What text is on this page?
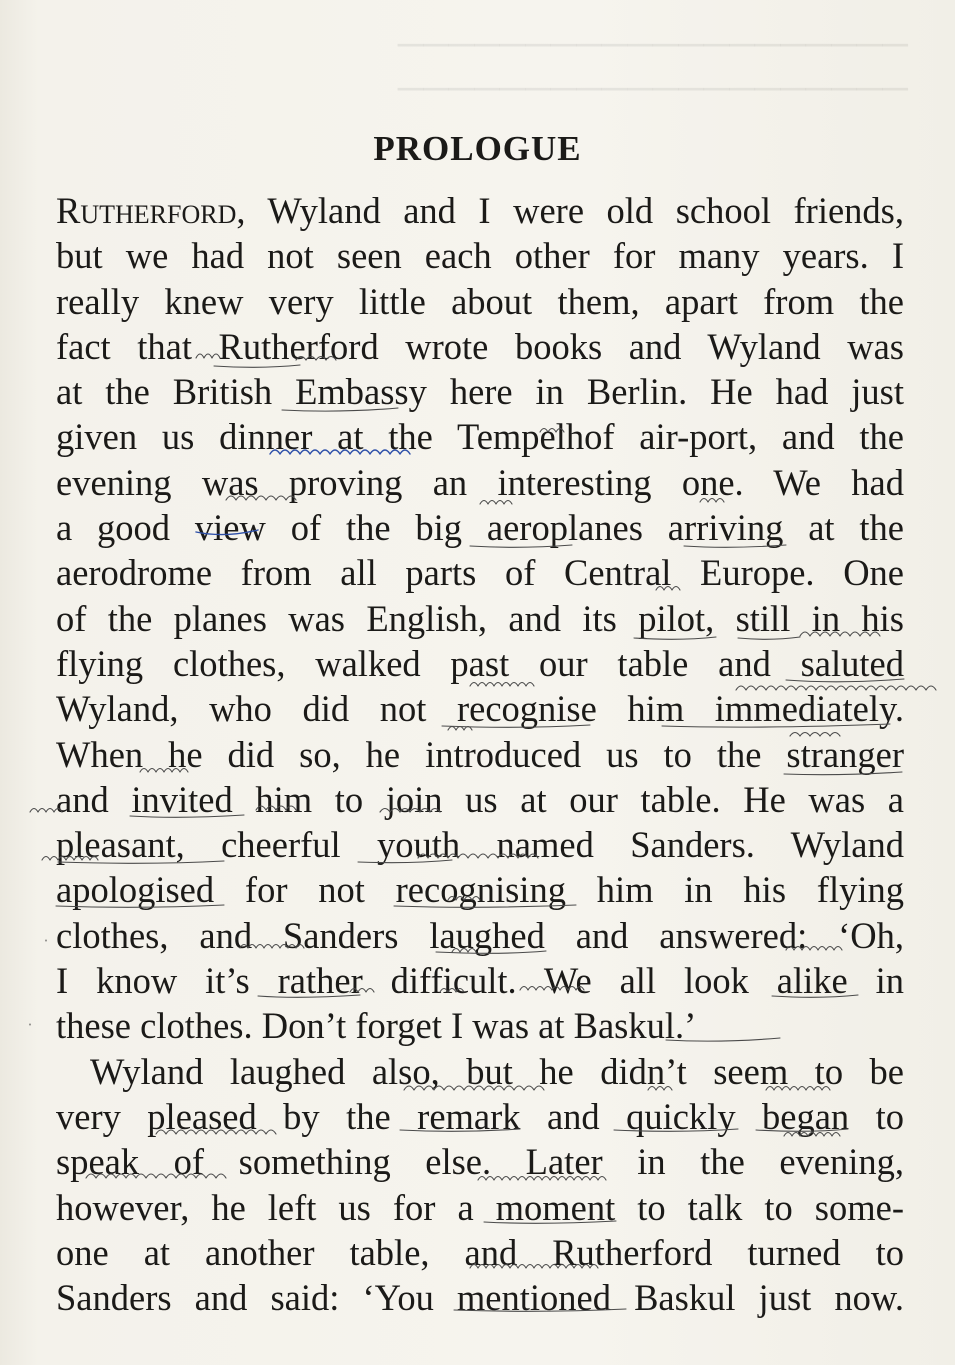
────────────────────
────────────────────
PROLOGUE
Rutherford, Wyland and I were old school friends,
but we had not seen each other for many years. I
really knew very little about them, apart from the
fact that Rutherford wrote books and Wyland was
at the British Embassy here in Berlin. He had just
given us dinner at the Tempelhof air-port, and the
evening was proving an interesting one. We had
a good view of the big aeroplanes arriving at the
aerodrome from all parts of Central Europe. One
of the planes was English, and its pilot, still in his
flying clothes, walked past our table and saluted
Wyland, who did not recognise him immediately.
When he did so, he introduced us to the stranger
and invited him to join us at our table. He was a
pleasant, cheerful youth named Sanders. Wyland
apologised for not recognising him in his flying
clothes, and Sanders laughed and answered: ‘Oh,
I know it’s rather difficult. We all look alike in
these clothes. Don’t forget I was at Baskul.’
Wyland laughed also, but he didn’t seem to be
very pleased by the remark and quickly began to
speak of something else. Later in the evening,
however, he left us for a moment to talk to some-
one at another table, and Rutherford turned to
Sanders and said: ‘You mentioned Baskul just now.
